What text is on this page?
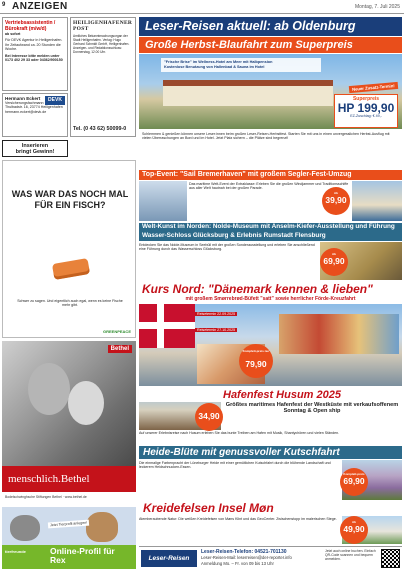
9 ANZEIGEN	Montag, 7. Juli 2025
Vertriebsassistentin / Bürokraft (m/w/d)
ab sofort
Für DEVK Agentur in Heiligenhafen. Ihr Zeitaufwand ca. 20 Stunden die Woche.
Bei Interesse bitte melden unter 0173 402 29 33 oder 04362/900150
HEILIGENHAFENER POST
Amtliches Bekanntmachungsorgan der Stadt Heiligenhafen. Verlag: Hugo Gerhard Schmidt GmbH, Heiligenhafen. Anzeigen- und Redaktionsschluss: Donnerstag, 12.00 Uhr.
Tel. (0 43 62) 50099-0
Hermann Eckert	DEVK
Versicherungsfachmann
Thulbadstr. 16, 23774 Heiligenhafen
hermann.eckert@devk.de
Inserieren
bringt Gewinn!
WAS WAR DAS NOCH MAL FÜR EIN FISCH?
Schwer zu sagen. Und eigentlich auch egal, wenn es keine Fische mehr gibt.
GREENPEACE
Bethel
menschlich.Bethel
Bodelschwinghsche Stiftungen Bethel · www.bethel.de
Jetzt Tierprofil anlegen!
Online-Profil für Rex
tierfreunde
Leser-Reisen aktuell: ab Oldenburg
Große Herbst-Blaufahrt zum Superpreis
"Frische Brise" im Wellness-Hotel am Meer mit Halbpension
Kostenlose Benutzung von Hallenbad & Sauna im Hotel
Neuer Zusatz-Termin!
Superpreis
HP 199,90
EZ-Zuschlag: € 49,-
Schlemmen & genießen können unsere Leser:innen beim großen Leser-Reisen-Herbstfest. Starten Sie mit uns in einen unvergesslichen Herbst-Ausflug mit vielen Überraschungen an Bord und im Hotel. Jetzt Platz sichern – die Plätze sind begrenzt!
Top-Event: "Sail Bremerhaven" mit großem Segler-Fest-Umzug
Das maritime Welt-Event der Extraklasse: Erleben Sie die großen Windjammer und Traditionsschiffe aus aller Welt hautnah bei der großen Parade.
Ab
39,90
Welt-Kunst im Norden: Nolde-Museum mit Anselm-Kiefer-Ausstellung und Führung Wasser-Schloss Glücksburg & Erlebnis Rumstadt Flensburg
Entdecken Sie das Nolde-Museum in Seebüll mit der großen Sonderausstellung und erleben Sie anschließend eine Führung durch das Wasserschloss Glücksburg.
Ab
69,90
Kurs Nord: "Dänemark kennen & lieben"
mit großem Smørrebrød-Büfett "satt" sowie herrlicher Förde-Kreuzfahrt
Reisetermin 22.09.2025
Reisetermin 27.10.2025
Komplett-preis nur
79,90
Hafenfest Husum 2025
Größtes maritimes Hafenfest der Westküste mit verkaufsoffenem Sonntag & Open ship
34,90
Auf unserer Erlebnisreise nach Husum erleben Sie das bunte Treiben am Hafen mit Musik, Shantychören und vielen Ständen.
Heide-Blüte mit genussvoller Kutschfahrt
Die einmalige Farbenpracht der Lüneburger Heide mit einer gemütlichen Kutschfahrt durch die blühende Landschaft und leckerem Heidschnucken-Essen.
Komplett-preis
69,90
Kreidefelsen Insel Møn
Atemberaubende Natur: Die weißen Kreidefelsen von Møns Klint und das GeoCenter. Zwischenstopp im malerischen Stege.
Ab
49,90
Leser-Reisen
Leser-Reisen-Telefon: 04521-701130
Leser-Reisen-Mail: leserreisen@der-reporter.info
Anmeldung Mo. – Fr. von 09 bis 13 Uhr
Jetzt auch online buchen. Einfach QR-Code scannen und bequem anmelden.
